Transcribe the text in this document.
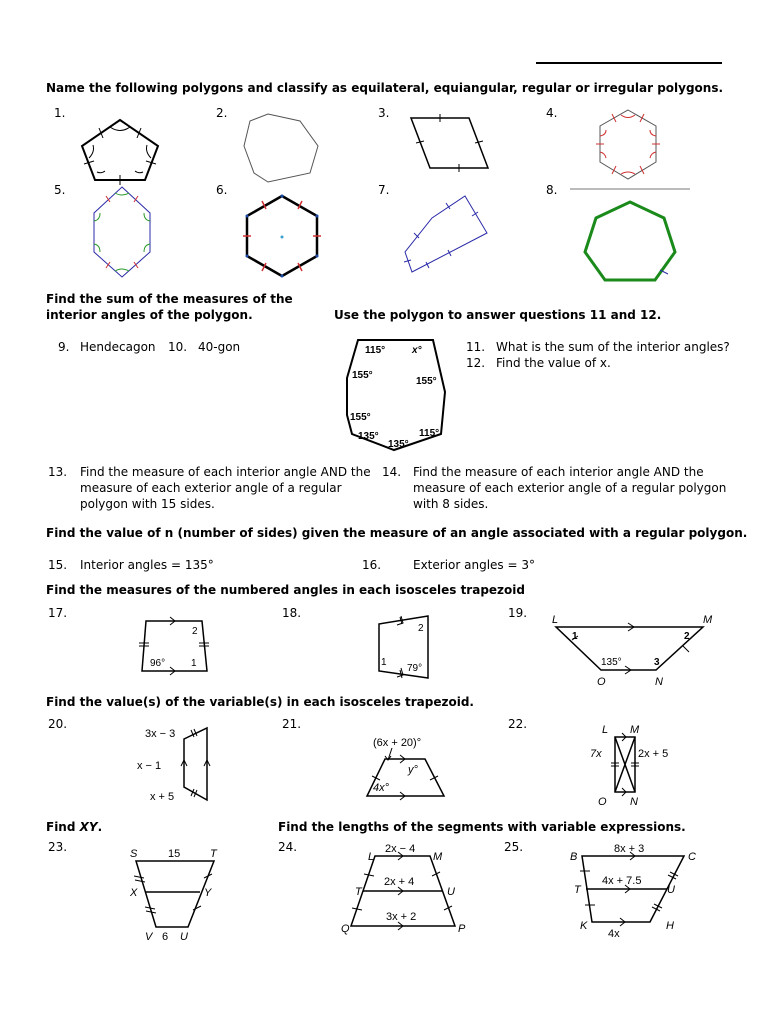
Name the following polygons and classify as equilateral, equiangular, regular or irregular polygons.
1.	2.	3.	4.
5.	6.	7.	8.
Find the sum of the measures of the
interior angles of the polygon.
9. Hendecagon 10. 40-gon
Use the polygon to answer questions 11 and 12.
115°	x°
155°
155°
155°
135°
135°
115°
11. What is the sum of the interior angles?
12. Find the value of x.
13. Find the measure of each interior angle AND the
measure of each exterior angle of a regular
polygon with 15 sides.
14. Find the measure of each interior angle AND the
measure of each exterior angle of a regular polygon
with 8 sides.
Find the value of n (number of sides) given the measure of an angle associated with a regular polygon.
15. Interior angles = 135°	16.	Exterior angles = 3°
Find the measures of the numbered angles in each isosceles trapezoid
17.	18.	19.
2
96°	1
2
1
79°
L	M
O	N
1	2
135°	3
Find the value(s) of the variable(s) in each isosceles trapezoid.
20.	21.	22.
3x − 3
x − 1
x + 5
(6x + 20)°
y°
4x°
L M
O N
7x	2x + 5
Find XY.	Find the lengths of the segments with variable expressions.
23.	24.	25.
S	T
X	Y
V	U
15
6
L	M
T	U
Q	P
2x − 4
2x + 4
3x + 2
B	C
T	U
K	H
8x + 3
4x + 7.5
4x
